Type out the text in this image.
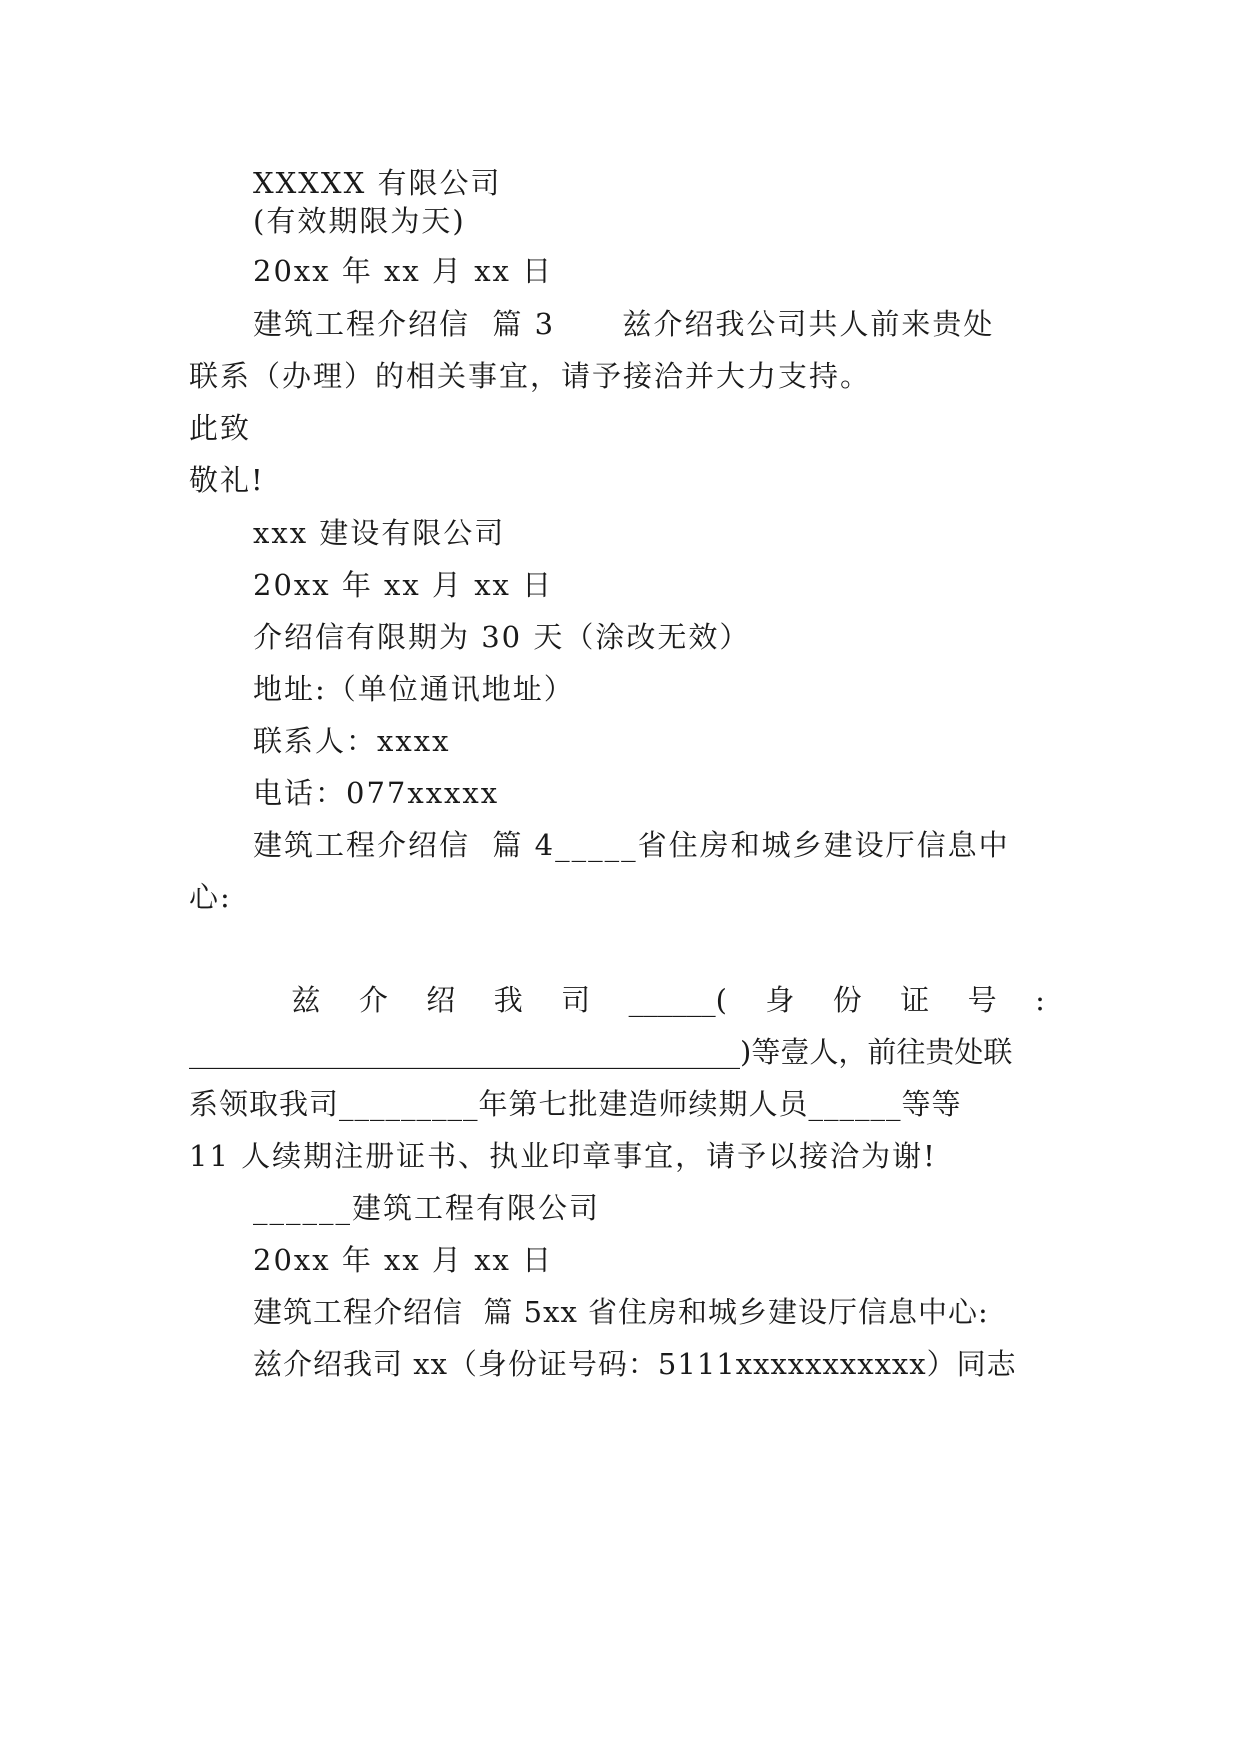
XXXXX 有限公司
(有效期限为天)
20xx 年 xx 月 xx 日
建筑工程介绍信  篇 3      兹介绍我公司共人前来贵处
联系（办理）的相关事宜，请予接洽并大力支持。
此致
敬礼!
xxx 建设有限公司
20xx 年 xx 月 xx 日
介绍信有限期为 30 天（涂改无效）
地址:（单位通讯地址）
联系人：xxxx
电话：077xxxxx
建筑工程介绍信  篇 4_____省住房和城乡建设厅信息中
心:
兹 介 绍 我 司 ______( 身 份 证 号 :
______________________________________)等壹人，前往贵处联
系领取我司_________年第七批建造师续期人员______等等
11 人续期注册证书、执业印章事宜，请予以接洽为谢!
______建筑工程有限公司
20xx 年 xx 月 xx 日
建筑工程介绍信  篇 5xx 省住房和城乡建设厅信息中心:
兹介绍我司 xx（身份证号码：5111xxxxxxxxxxx）同志
